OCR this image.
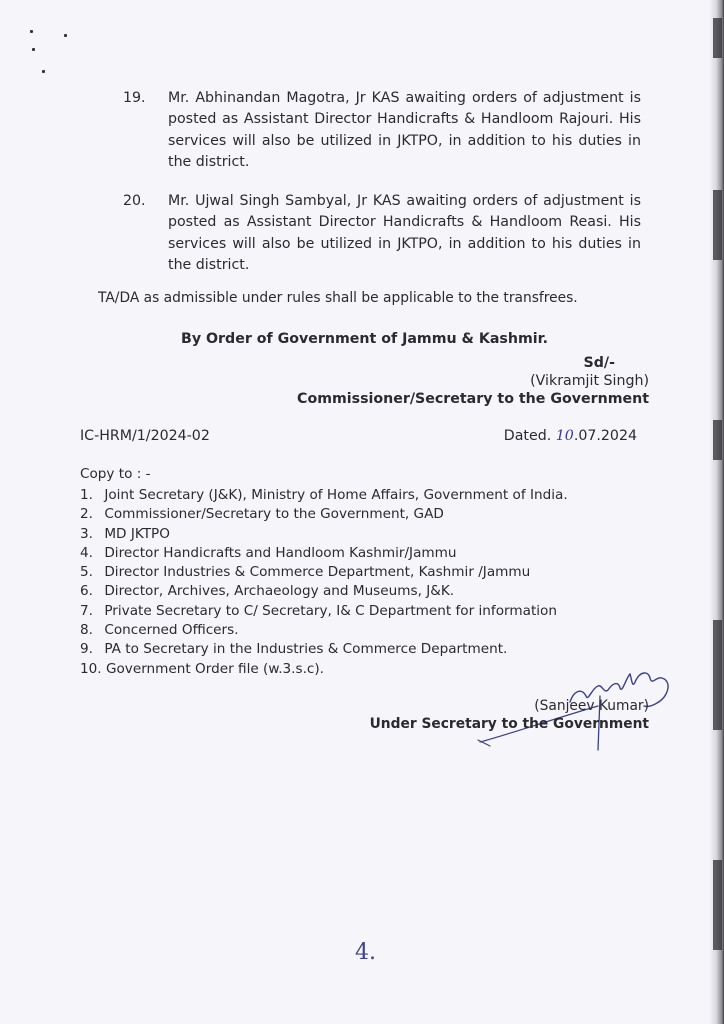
19. Mr. Abhinandan Magotra, Jr KAS awaiting orders of adjustment is posted as Assistant Director Handicrafts & Handloom Rajouri. His services will also be utilized in JKTPO, in addition to his duties in the district.
20. Mr. Ujwal Singh Sambyal, Jr KAS awaiting orders of adjustment is posted as Assistant Director Handicrafts & Handloom Reasi. His services will also be utilized in JKTPO, in addition to his duties in the district.
TA/DA as admissible under rules shall be applicable to the transfrees.
By Order of Government of Jammu & Kashmir.
Sd/-
(Vikramjit Singh)
Commissioner/Secretary to the Government
IC-HRM/1/2024-02	Dated. 10.07.2024
Copy to : -
1. Joint Secretary (J&K), Ministry of Home Affairs, Government of India.
2. Commissioner/Secretary to the Government, GAD
3. MD JKTPO
4. Director Handicrafts and Handloom Kashmir/Jammu
5. Director Industries & Commerce Department, Kashmir /Jammu
6. Director, Archives, Archaeology and Museums, J&K.
7. Private Secretary to C/ Secretary, I& C Department for information
8. Concerned Officers.
9. PA to Secretary in the Industries & Commerce Department.
10. Government Order file (w.3.s.c).
(Sanjeev Kumar)
Under Secretary to the Government
4.
